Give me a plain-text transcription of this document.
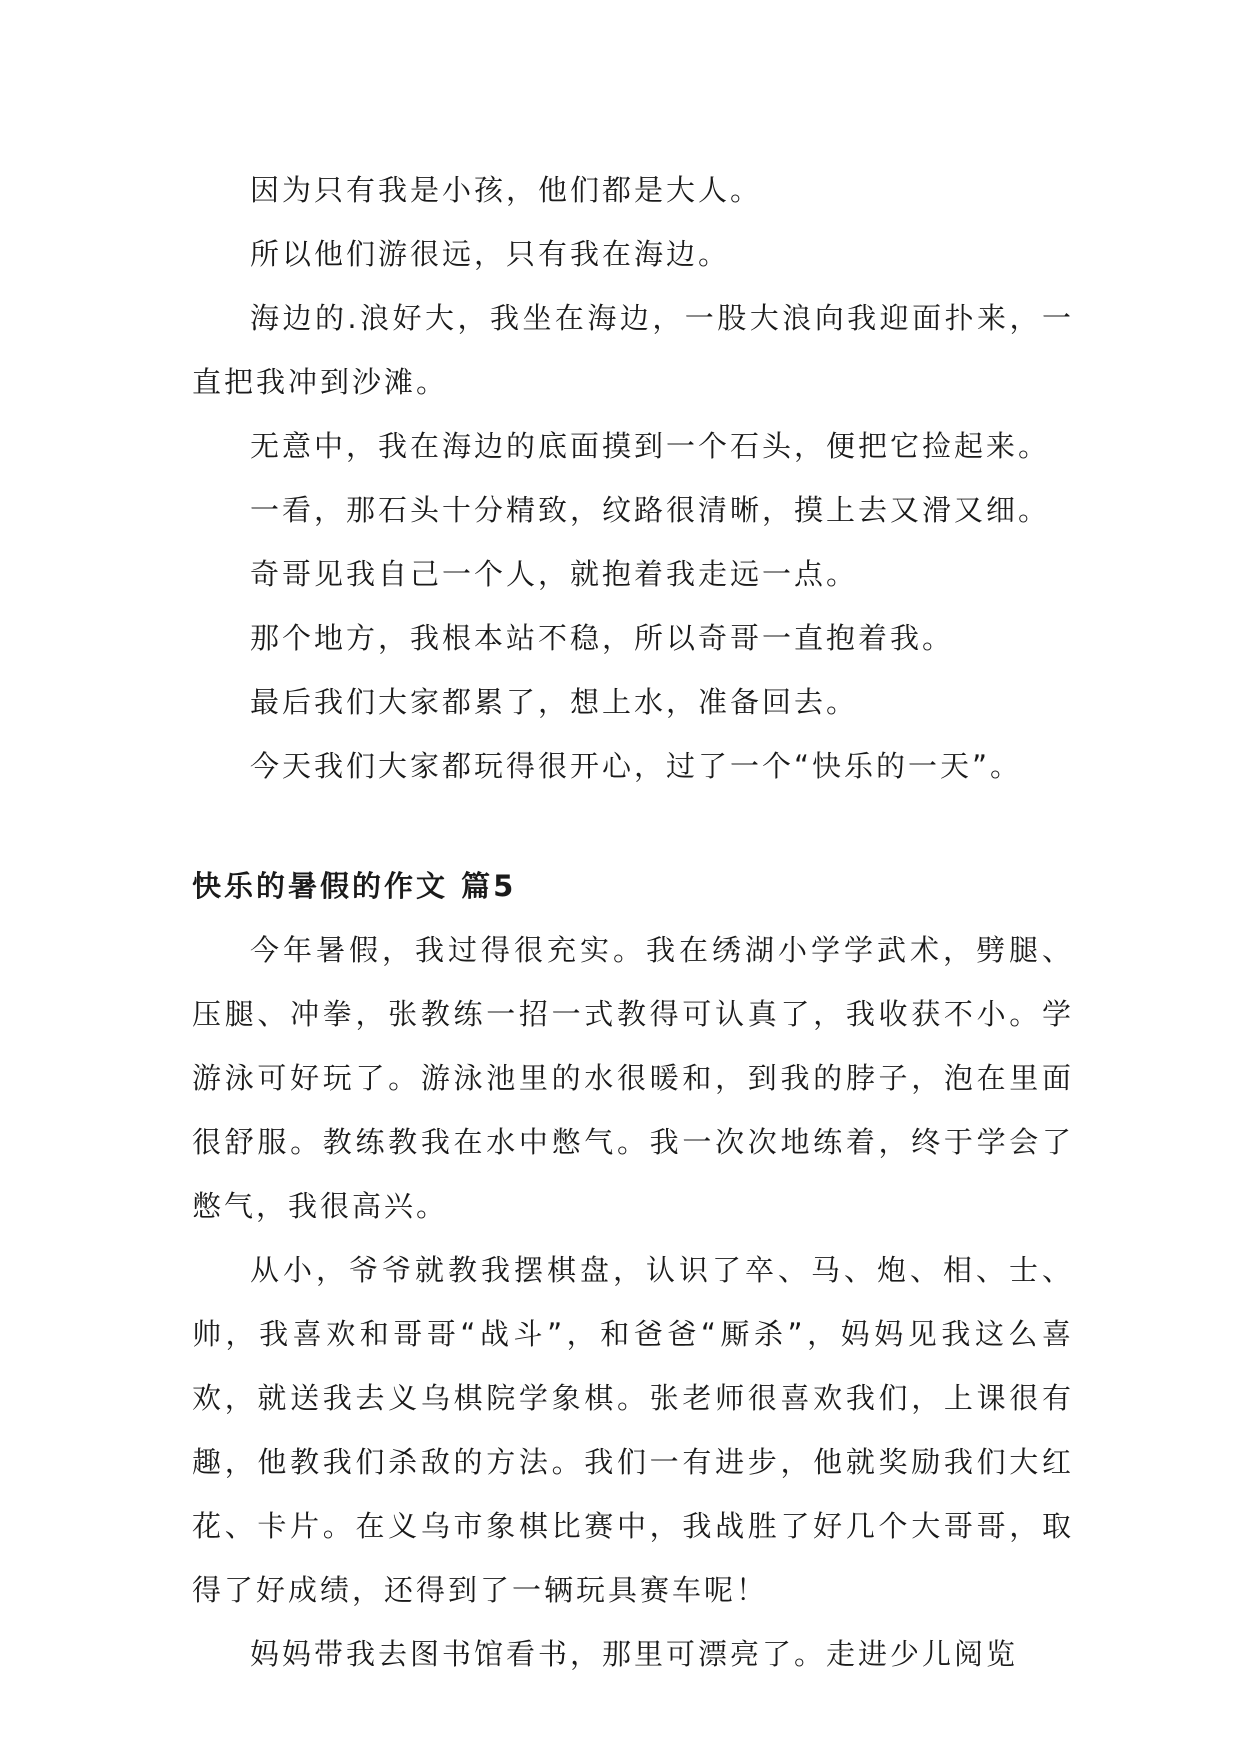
因为只有我是小孩，他们都是大人。

所以他们游很远，只有我在海边。

海边的.浪好大，我坐在海边，一股大浪向我迎面扑来，一直把我冲到沙滩。

无意中，我在海边的底面摸到一个石头，便把它捡起来。

一看，那石头十分精致，纹路很清晰，摸上去又滑又细。

奇哥见我自己一个人，就抱着我走远一点。

那个地方，我根本站不稳，所以奇哥一直抱着我。

最后我们大家都累了，想上水，准备回去。

今天我们大家都玩得很开心，过了一个“快乐的一天”。

快乐的暑假的作文 篇5

今年暑假，我过得很充实。我在绣湖小学学武术，劈腿、压腿、冲拳，张教练一招一式教得可认真了，我收获不小。学游泳可好玩了。游泳池里的水很暖和，到我的脖子，泡在里面很舒服。教练教我在水中憋气。我一次次地练着，终于学会了憋气，我很高兴。

从小，爷爷就教我摆棋盘，认识了卒、马、炮、相、士、帅，我喜欢和哥哥“战斗”，和爸爸“厮杀”，妈妈见我这么喜欢，就送我去义乌棋院学象棋。张老师很喜欢我们，上课很有趣，他教我们杀敌的方法。我们一有进步，他就奖励我们大红花、卡片。在义乌市象棋比赛中，我战胜了好几个大哥哥，取得了好成绩，还得到了一辆玩具赛车呢！

妈妈带我去图书馆看书，那里可漂亮了。走进少儿阅览
